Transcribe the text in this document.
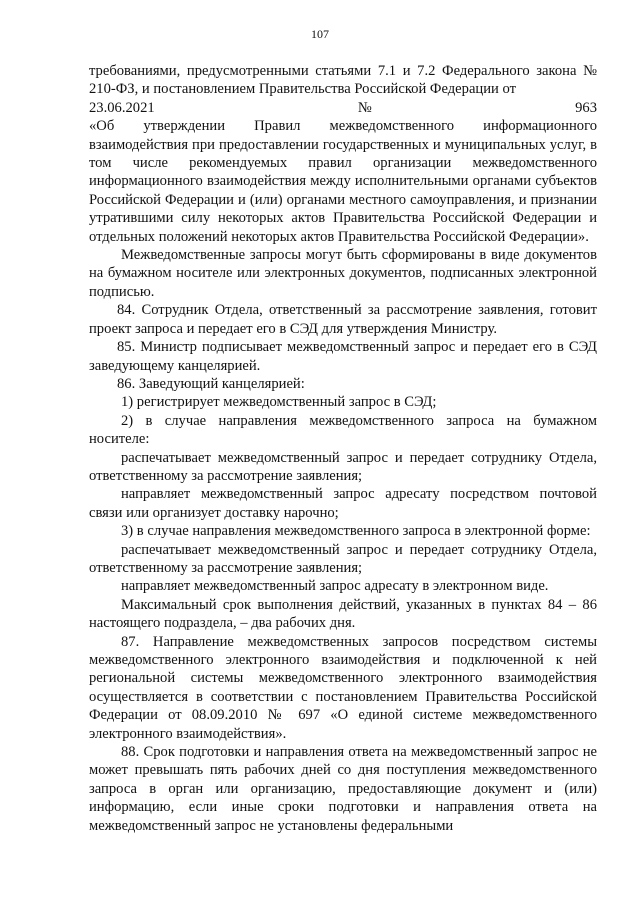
107

требованиями, предусмотренными статьями 7.1 и 7.2 Федерального закона № 210-ФЗ, и постановлением Правительства Российской Федерации от

23.06.2021	№	963

«Об утверждении Правил межведомственного информационного взаимодействия при предоставлении государственных и муниципальных услуг, в том числе рекомендуемых правил организации межведомственного информационного взаимодействия между исполнительными органами субъектов Российской Федерации и (или) органами местного самоуправления, и признании утратившими силу некоторых актов Правительства Российской Федерации и отдельных положений некоторых актов Правительства Российской Федерации».

Межведомственные запросы могут быть сформированы в виде документов на бумажном носителе или электронных документов, подписанных электронной подписью.

84. Сотрудник Отдела, ответственный за рассмотрение заявления, готовит проект запроса и передает его в СЭД для утверждения Министру.

85. Министр подписывает межведомственный запрос и передает его в СЭД заведующему канцелярией.

86. Заведующий канцелярией:

1) регистрирует межведомственный запрос в СЭД;

2) в случае направления межведомственного запроса на бумажном носителе:

распечатывает межведомственный запрос и передает сотруднику Отдела, ответственному за рассмотрение заявления;

направляет межведомственный запрос адресату посредством почтовой связи или организует доставку нарочно;

3) в случае направления межведомственного запроса в электронной форме:

распечатывает межведомственный запрос и передает сотруднику Отдела, ответственному за рассмотрение заявления;

направляет межведомственный запрос адресату в электронном виде.

Максимальный срок выполнения действий, указанных в пунктах 84 – 86 настоящего подраздела, – два рабочих дня.

87. Направление межведомственных запросов посредством системы межведомственного электронного взаимодействия и подключенной к ней региональной системы межведомственного электронного взаимодействия осуществляется в соответствии с постановлением Правительства Российской Федерации от 08.09.2010 № 697 «О единой системе межведомственного электронного взаимодействия».

88. Срок подготовки и направления ответа на межведомственный запрос не может превышать пять рабочих дней со дня поступления межведомственного запроса в орган или организацию, предоставляющие документ и (или) информацию, если иные сроки подготовки и направления ответа на межведомственный запрос не установлены федеральными
